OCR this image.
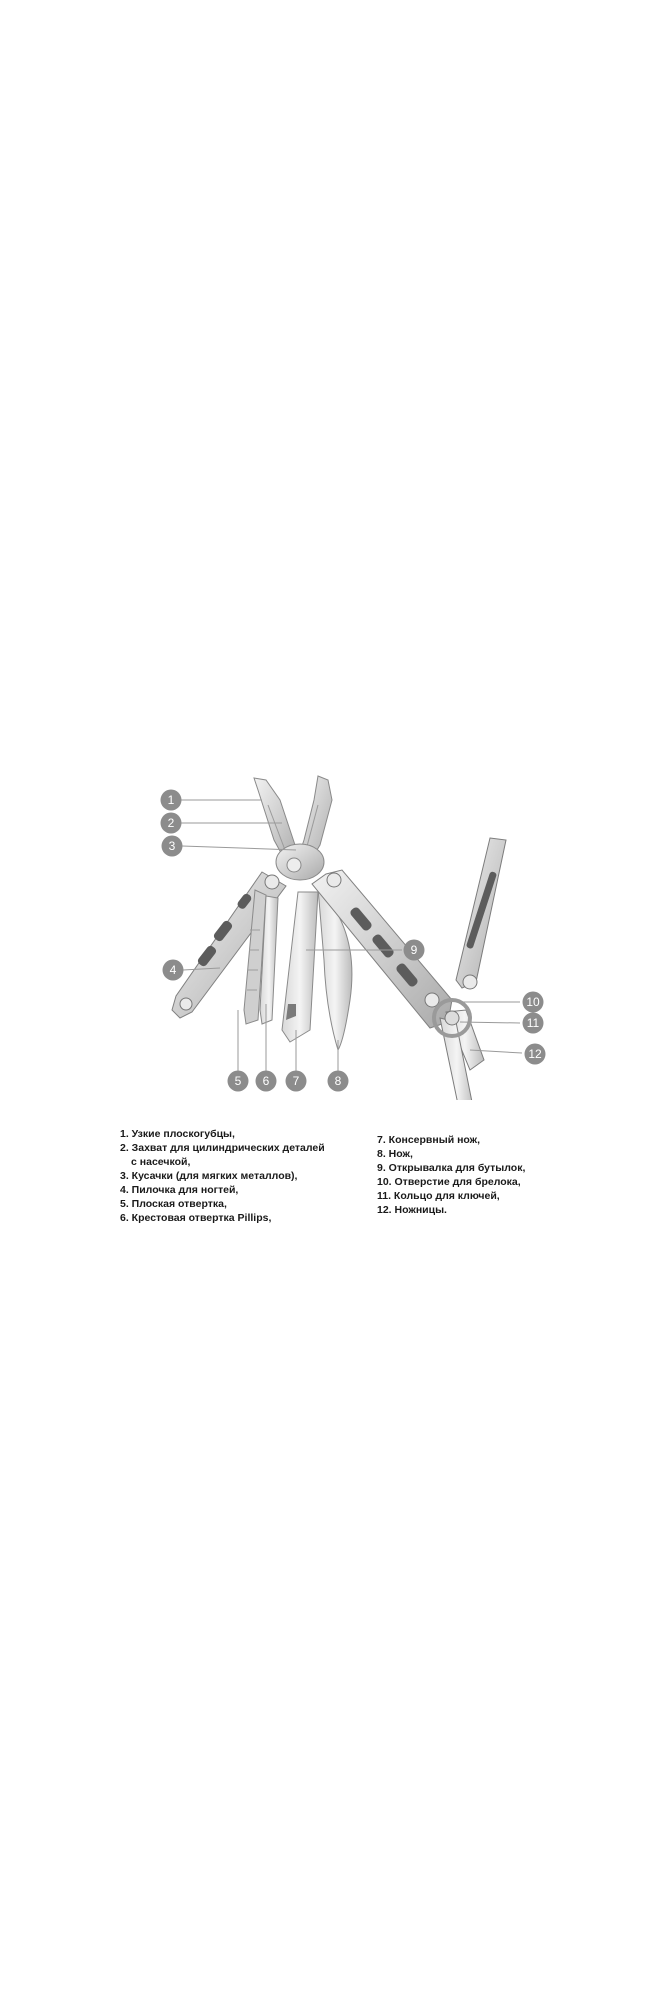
1
2
3
4
5 6 7	8
9
10
11
12
1. Узкие плоскогубцы,
2. Захват для цилиндрических деталей
с насечкой,
3. Кусачки (для мягких металлов),
4. Пилочка для ногтей,
5. Плоская отвертка,
6. Крестовая отвертка Pillips,
7. Консервный нож,
8. Нож,
9. Открывалка для бутылок,
10. Отверстие для брелока,
11. Кольцо для ключей,
12. Ножницы.
